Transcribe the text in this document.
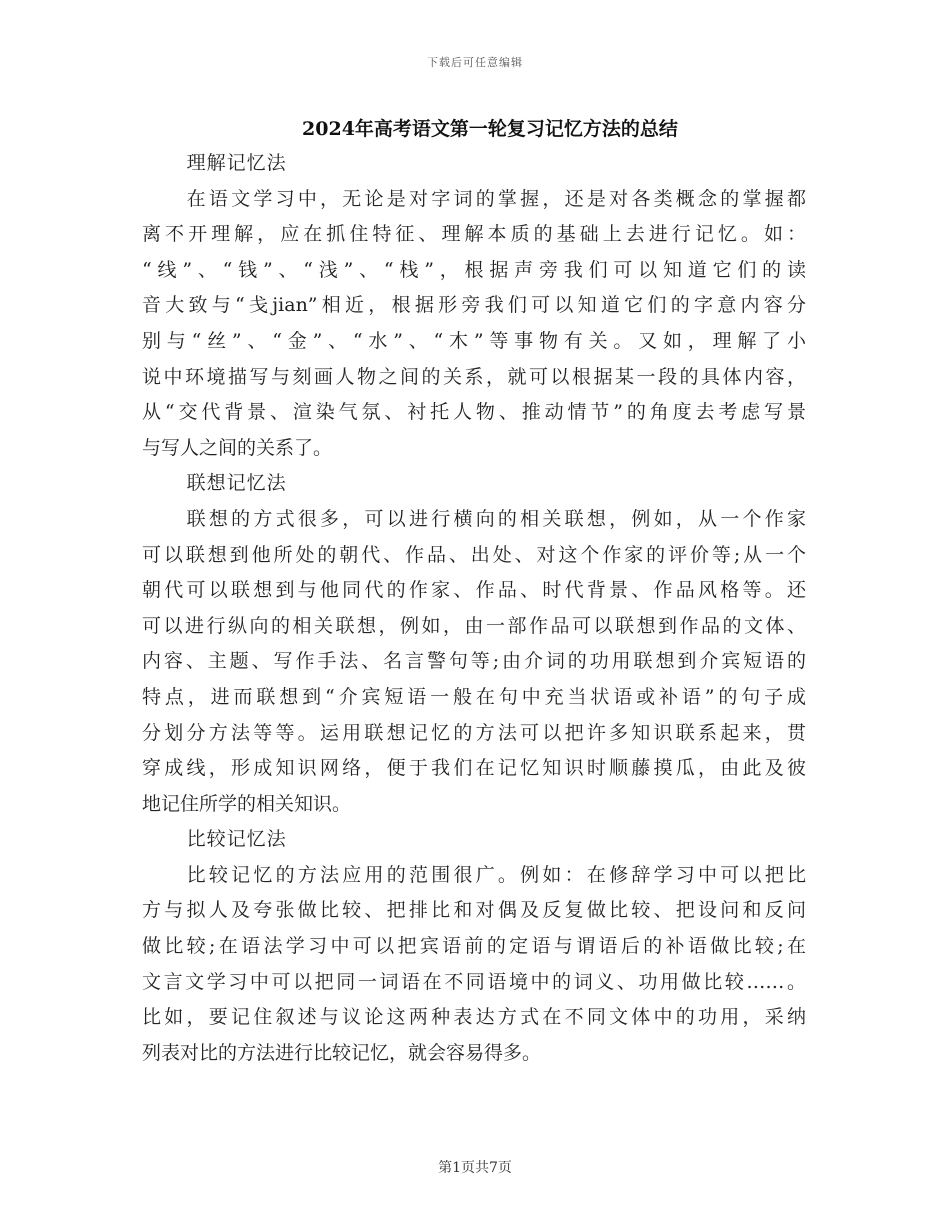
下载后可任意编辑
2024年高考语文第一轮复习记忆方法的总结
理解记忆法
在语文学习中，无论是对字词的掌握，还是对各类概念的掌握都
离不开理解，应在抓住特征、理解本质的基础上去进行记忆。如：
“线”、“钱”、“浅”、“栈”，根据声旁我们可以知道它们的读
音大致与“戋jian”相近，根据形旁我们可以知道它们的字意内容分
别与“丝”、“金”、“水”、“木”等事物有关。又如，理解了小
说中环境描写与刻画人物之间的关系，就可以根据某一段的具体内容，
从“交代背景、渲染气氛、衬托人物、推动情节”的角度去考虑写景
与写人之间的关系了。
联想记忆法
联想的方式很多，可以进行横向的相关联想，例如，从一个作家
可以联想到他所处的朝代、作品、出处、对这个作家的评价等;从一个
朝代可以联想到与他同代的作家、作品、时代背景、作品风格等。还
可以进行纵向的相关联想，例如，由一部作品可以联想到作品的文体、
内容、主题、写作手法、名言警句等;由介词的功用联想到介宾短语的
特点，进而联想到“介宾短语一般在句中充当状语或补语”的句子成
分划分方法等等。运用联想记忆的方法可以把许多知识联系起来，贯
穿成线，形成知识网络，便于我们在记忆知识时顺藤摸瓜，由此及彼
地记住所学的相关知识。
比较记忆法
比较记忆的方法应用的范围很广。例如：在修辞学习中可以把比
方与拟人及夸张做比较、把排比和对偶及反复做比较、把设问和反问
做比较;在语法学习中可以把宾语前的定语与谓语后的补语做比较;在
文言文学习中可以把同一词语在不同语境中的词义、功用做比较……。
比如，要记住叙述与议论这两种表达方式在不同文体中的功用，采纳
列表对比的方法进行比较记忆，就会容易得多。
第1页共7页
